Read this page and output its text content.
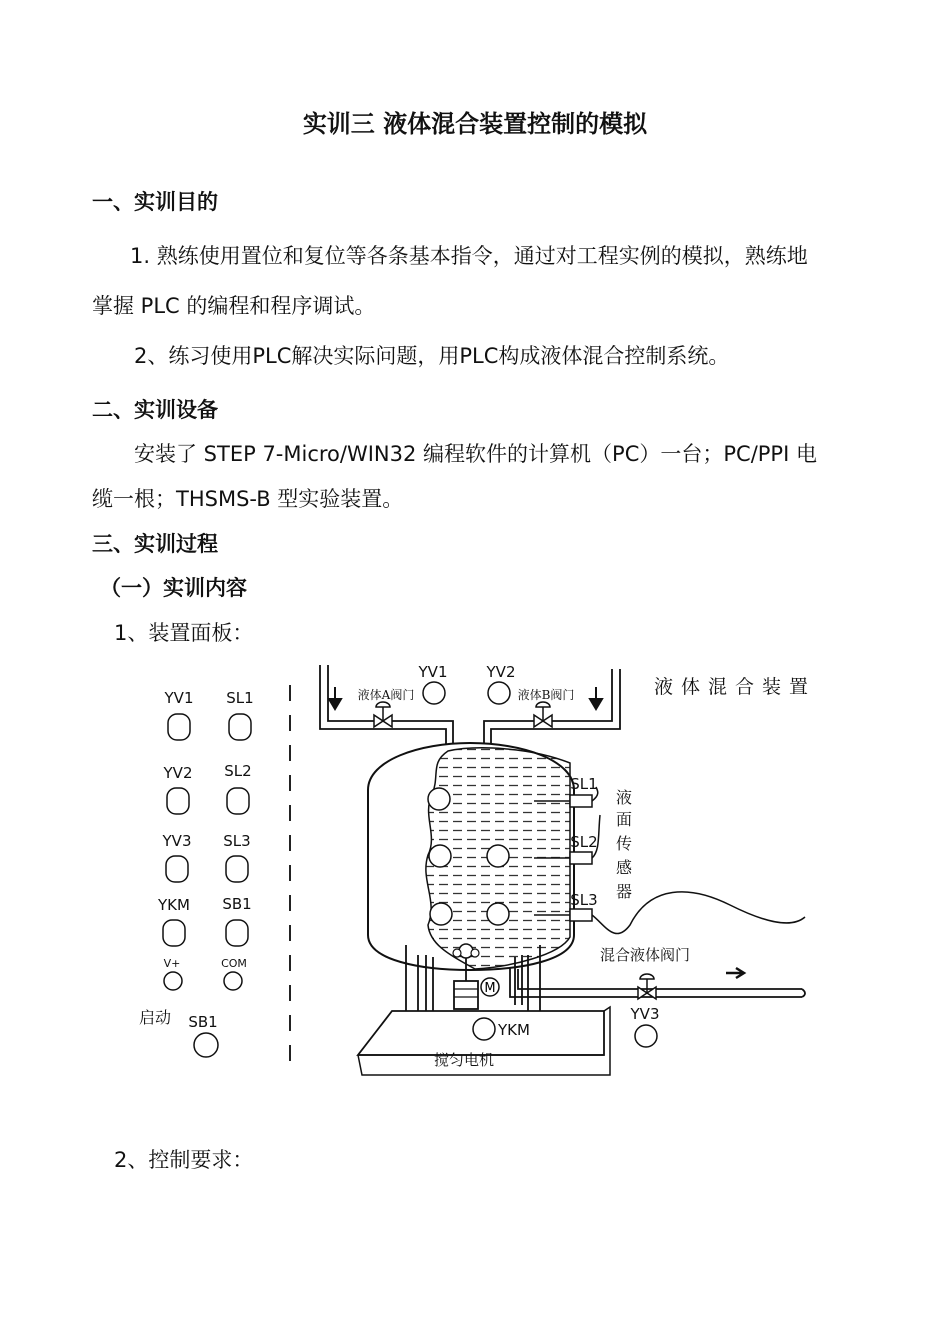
实训三 液体混合装置控制的模拟
一、实训目的
1. 熟练使用置位和复位等各条基本指令，通过对工程实例的模拟，熟练地
掌握 PLC 的编程和程序调试。
2、练习使用PLC解决实际问题，用PLC构成液体混合控制系统。
二、实训设备
安装了 STEP 7-Micro/WIN32 编程软件的计算机（PC）一台；PC/PPI 电
缆一根；THSMS-B 型实验装置。
三、实训过程
（一）实训内容
1、装置面板：
YV1 SL1
YV2 SL2
YV3 SL3
YKM SB1
V+	COM
启动 SB1
液体A阀门	液体B阀门
YV1	YV2
液体混合装置
SL1
SL2
SL3
液
面
传
感
器
混合液体阀门
YV3
M
YKM
搅匀电机
2、控制要求：
